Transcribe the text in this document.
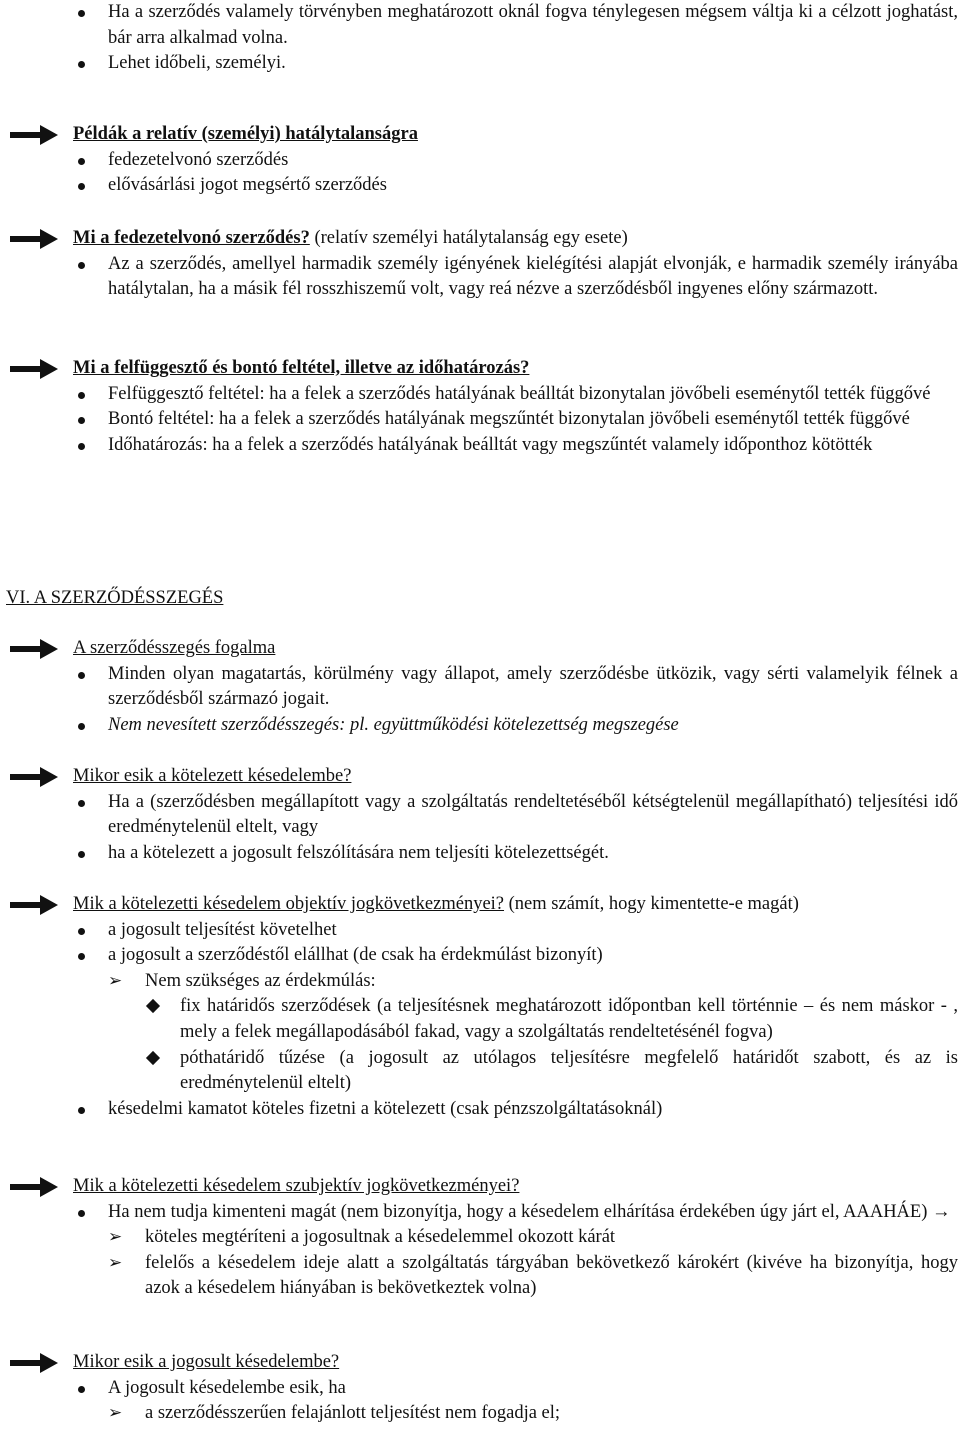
Ha a szerződés valamely törvényben meghatározott oknál fogva ténylegesen mégsem váltja ki a célzott joghatást, bár arra alkalmad volna.
Lehet időbeli, személyi.
Példák a relatív (személyi) hatálytalanságra
fedezetelvonó szerződés
elővásárlási jogot megsértő szerződés
Mi a fedezetelvonó szerződés? (relatív személyi hatálytalanság egy esete)
Az a szerződés, amellyel harmadik személy igényének kielégítési alapját elvonják, e harmadik személy irányába hatálytalan, ha a másik fél rosszhiszemű volt, vagy reá nézve a szerződésből ingyenes előny származott.
Mi a felfüggesztő és bontó feltétel, illetve az időhatározás?
Felfüggesztő feltétel: ha a felek a szerződés hatályának beálltát bizonytalan jövőbeli eseménytől tették függővé
Bontó feltétel: ha a felek a szerződés hatályának megszűntét bizonytalan jövőbeli eseménytől tették függővé
Időhatározás: ha a felek a szerződés hatályának beálltát vagy megszűntét valamely időponthoz kötötték
VI. A SZERZŐDÉSSZEGÉS
A szerződésszegés fogalma
Minden olyan magatartás, körülmény vagy állapot, amely szerződésbe ütközik, vagy sérti valamelyik félnek a szerződésből származó jogait.
Nem nevesített szerződésszegés: pl. együttműködési kötelezettség megszegése
Mikor esik a kötelezett késedelembe?
Ha a (szerződésben megállapított vagy a szolgáltatás rendeltetéséből kétségtelenül megállapítható) teljesítési idő eredménytelenül eltelt, vagy
ha a kötelezett a jogosult felszólítására nem teljesíti kötelezettségét.
Mik a kötelezetti késedelem objektív jogkövetkezményei? (nem számít, hogy kimentette-e magát)
a jogosult teljesítést követelhet
a jogosult a szerződéstől elállhat (de csak ha érdekmúlást bizonyít)
➢ Nem szükséges az érdekmúlás:
fix határidős szerződések (a teljesítésnek meghatározott időpontban kell történnie – és nem máskor - , mely a felek megállapodásából fakad, vagy a szolgáltatás rendeltetésénél fogva)
póthatáridő tűzése (a jogosult az utólagos teljesítésre megfelelő határidőt szabott, és az is eredménytelenül eltelt)
késedelmi kamatot köteles fizetni a kötelezett (csak pénzszolgáltatásoknál)
Mik a kötelezetti késedelem szubjektív jogkövetkezményei?
Ha nem tudja kimenteni magát (nem bizonyítja, hogy a késedelem elhárítása érdekében úgy járt el, AAAHÁE) →
➢ köteles megtéríteni a jogosultnak a késedelemmel okozott kárát
➢ felelős a késedelem ideje alatt a szolgáltatás tárgyában bekövetkező károkért (kivéve ha bizonyítja, hogy azok a késedelem hiányában is bekövetkeztek volna)
Mikor esik a jogosult késedelembe?
A jogosult késedelembe esik, ha
➢ a szerződésszerűen felajánlott teljesítést nem fogadja el;
